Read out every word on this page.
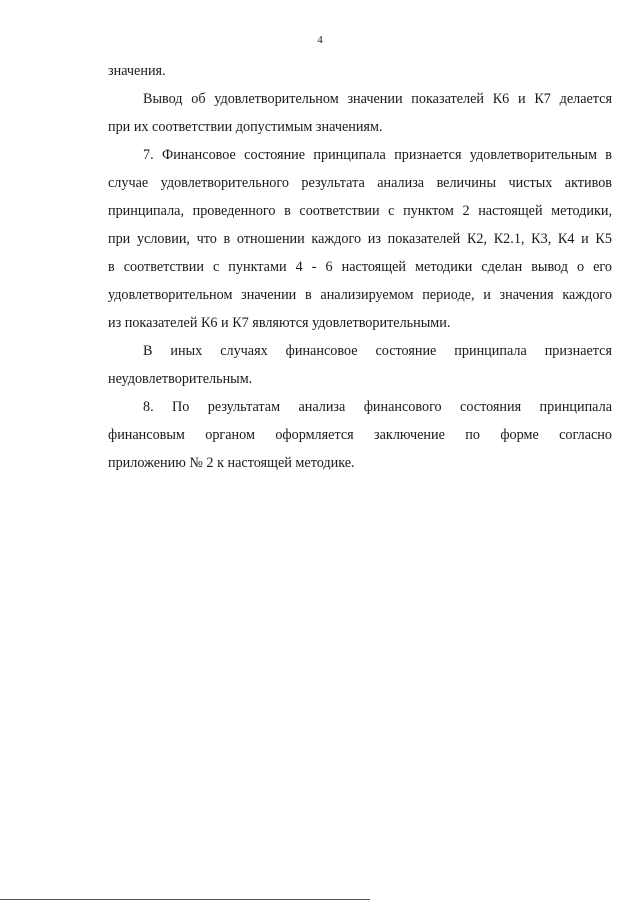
4
значения.
Вывод об удовлетворительном значении показателей К6 и К7 делается
при их соответствии допустимым значениям.
7. Финансовое состояние принципала признается удовлетворительным в
случае удовлетворительного результата анализа величины чистых активов
принципала, проведенного в соответствии с пунктом 2 настоящей методики,
при условии, что в отношении каждого из показателей К2, К2.1, К3, К4 и К5
в соответствии с пунктами 4 - 6 настоящей методики сделан вывод о его
удовлетворительном значении в анализируемом периоде, и значения каждого
из показателей К6 и К7 являются удовлетворительными.
В иных случаях финансовое состояние принципала признается
неудовлетворительным.
8. По результатам анализа финансового состояния принципала
финансовым органом оформляется заключение по форме согласно
приложению № 2 к настоящей методике.
